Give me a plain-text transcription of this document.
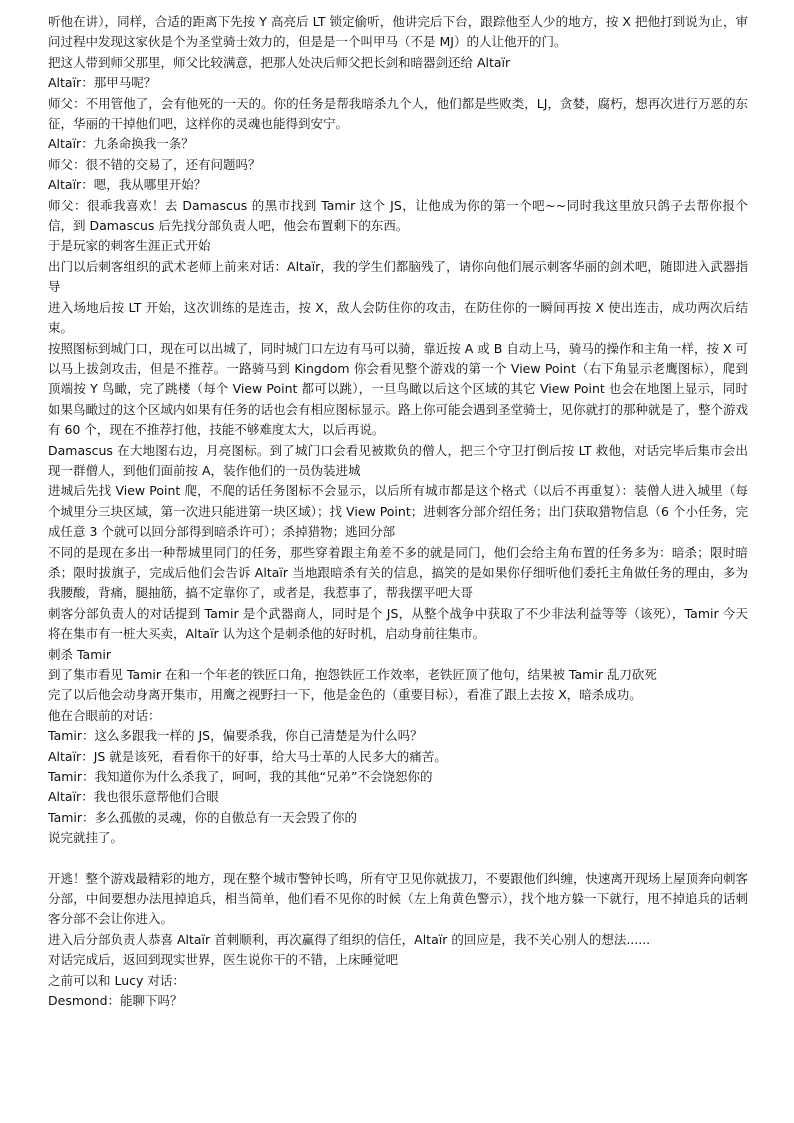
听他在讲），同样，合适的距离下先按 Y 高亮后 LT 锁定偷听，他讲完后下台，跟踪他至人少的地方，按 X 把他打到说为止，审问过程中发现这家伙是个为圣堂骑士效力的，但是是一个叫甲马（不是 MJ）的人让他开的门。

把这人带到师父那里，师父比较满意，把那人处决后师父把长剑和暗器剑还给 Altaïr

Altaïr：那甲马呢？

师父：不用管他了，会有他死的一天的。你的任务是帮我暗杀九个人，他们都是些败类，LJ，贪婪，腐朽，想再次进行万恶的东征，华丽的干掉他们吧，这样你的灵魂也能得到安宁。

Altaïr：九条命换我一条？

师父：很不错的交易了，还有问题吗？

Altaïr：嗯，我从哪里开始？

师父：很乖我喜欢！去 Damascus 的黑市找到 Tamir 这个 JS，让他成为你的第一个吧~~同时我这里放只鸽子去帮你报个信，到 Damascus 后先找分部负责人吧，他会布置剩下的东西。

于是玩家的刺客生涯正式开始

出门以后刺客组织的武术老师上前来对话：Altaïr，我的学生们都脑残了，请你向他们展示刺客华丽的剑术吧，随即进入武器指导

进入场地后按 LT 开始，这次训练的是连击，按 X，敌人会防住你的攻击，在防住你的一瞬间再按 X 使出连击，成功两次后结束。

按照图标到城门口，现在可以出城了，同时城门口左边有马可以骑，靠近按 A 或 B 自动上马，骑马的操作和主角一样，按 X 可以马上拔剑攻击，但是不推荐。一路骑马到 Kingdom 你会看见整个游戏的第一个 View Point（右下角显示老鹰图标），爬到顶端按 Y 鸟瞰，完了跳楼（每个 View Point 都可以跳），一旦鸟瞰以后这个区域的其它 View Point 也会在地图上显示，同时如果鸟瞰过的这个区域内如果有任务的话也会有相应图标显示。路上你可能会遇到圣堂骑士，见你就打的那种就是了，整个游戏有 60 个，现在不推荐打他，技能不够难度太大，以后再说。

Damascus 在大地图右边，月亮图标。到了城门口会看见被欺负的僧人，把三个守卫打倒后按 LT 救他，对话完毕后集市会出现一群僧人，到他们面前按 A，装作他们的一员伪装进城

进城后先找 View Point 爬，不爬的话任务图标不会显示，以后所有城市都是这个格式（以后不再重复）：装僧人进入城里（每个城里分三块区域，第一次进只能进第一块区域）；找 View Point；进刺客分部介绍任务；出门获取猎物信息（6 个小任务，完成任意 3 个就可以回分部得到暗杀许可）；杀掉猎物；逃回分部

不同的是现在多出一种帮城里同门的任务，那些穿着跟主角差不多的就是同门，他们会给主角布置的任务多为：暗杀；限时暗杀；限时拔旗子，完成后他们会告诉 Altaïr 当地跟暗杀有关的信息，搞笑的是如果你仔细听他们委托主角做任务的理由，多为我腰酸，背痛，腿抽筋，搞不定靠你了，或者是，我惹事了，帮我摆平吧大哥

刺客分部负责人的对话提到 Tamir 是个武器商人，同时是个 JS，从整个战争中获取了不少非法利益等等（该死），Tamir 今天将在集市有一桩大买卖，Altaïr 认为这个是刺杀他的好时机，启动身前往集市。

刺杀 Tamir

到了集市看见 Tamir 在和一个年老的铁匠口角，抱怨铁匠工作效率，老铁匠顶了他句，结果被 Tamir 乱刀砍死

完了以后他会动身离开集市，用鹰之视野扫一下，他是金色的（重要目标），看准了跟上去按 X，暗杀成功。

他在合眼前的对话：

Tamir：这么多跟我一样的 JS，偏要杀我，你自己清楚是为什么吗？

Altaïr：JS 就是该死，看看你干的好事，给大马士革的人民多大的痛苦。

Tamir：我知道你为什么杀我了，呵呵，我的其他“兄弟”不会饶恕你的

Altaïr：我也很乐意帮他们合眼

Tamir：多么孤傲的灵魂，你的自傲总有一天会毁了你的

说完就挂了。

开逃！整个游戏最精彩的地方，现在整个城市警钟长鸣，所有守卫见你就拔刀，不要跟他们纠缠，快速离开现场上屋顶奔向刺客分部，中间要想办法甩掉追兵，相当简单，他们看不见你的时候（左上角黄色警示），找个地方躲一下就行，甩不掉追兵的话刺客分部不会让你进入。

进入后分部负责人恭喜 Altaïr 首刺顺利，再次赢得了组织的信任，Altaïr 的回应是，我不关心别人的想法......

对话完成后，返回到现实世界，医生说你干的不错，上床睡觉吧

之前可以和 Lucy 对话：

Desmond：能聊下吗？
